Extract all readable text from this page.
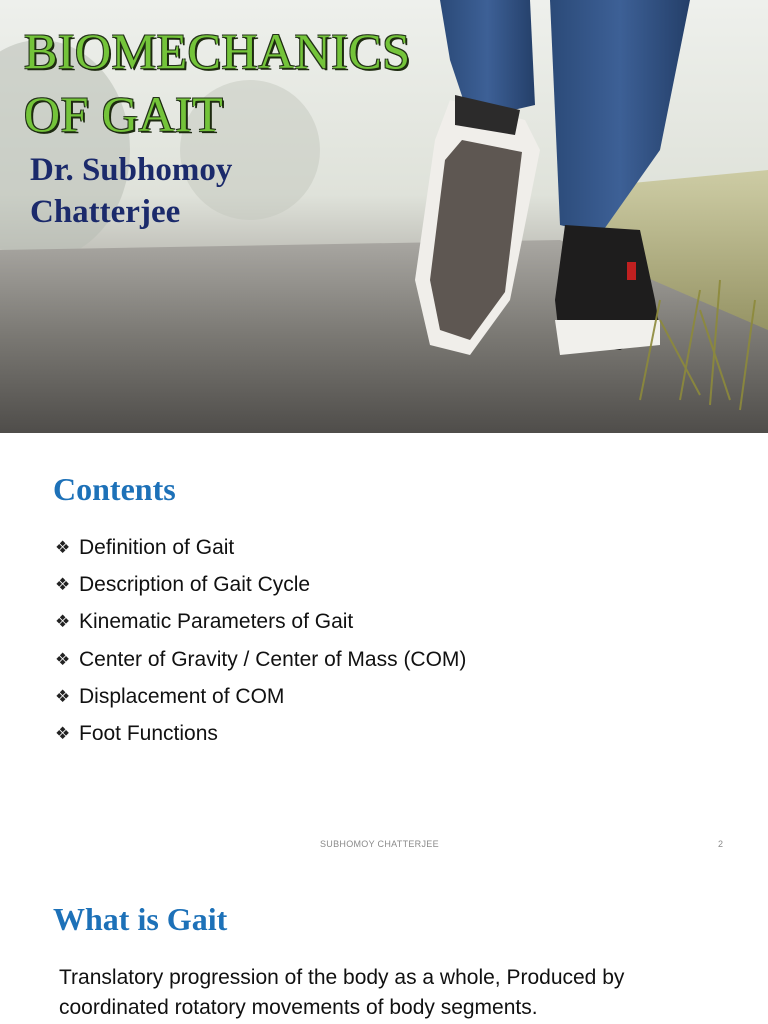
BIOMECHANICS
OF GAIT
Dr. Subhomoy
Chatterjee
Contents
❖ Definition of Gait
❖ Description of Gait Cycle
❖ Kinematic Parameters of Gait
❖ Center of Gravity / Center of Mass (COM)
❖ Displacement of COM
❖ Foot Functions
SUBHOMOY CHATTERJEE	2
What is Gait

Translatory progression of the body as a whole, Produced by coordinated rotatory movements of body segments.
